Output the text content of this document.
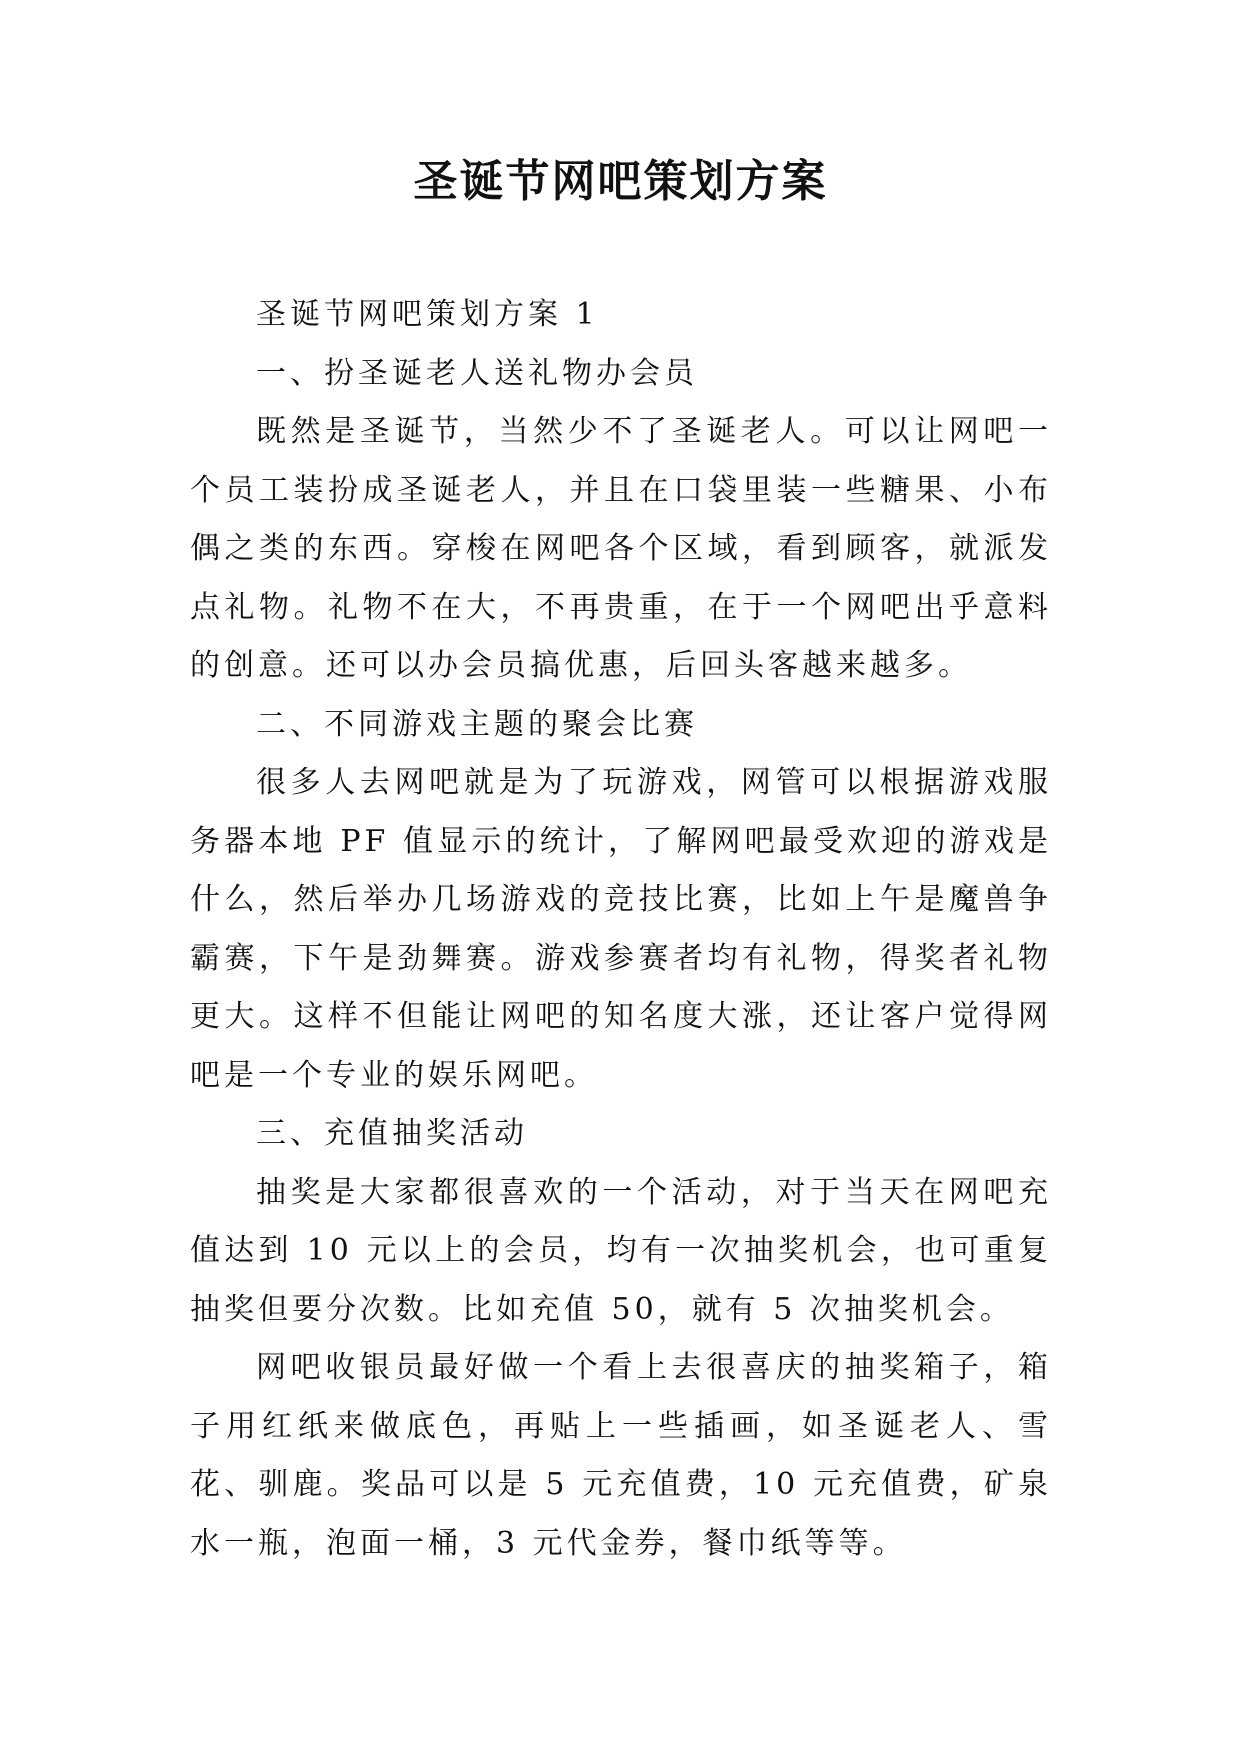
圣诞节网吧策划方案

圣诞节网吧策划方案 1

一、扮圣诞老人送礼物办会员

既然是圣诞节，当然少不了圣诞老人。可以让网吧一个员工装扮成圣诞老人，并且在口袋里装一些糖果、小布偶之类的东西。穿梭在网吧各个区域，看到顾客，就派发点礼物。礼物不在大，不再贵重，在于一个网吧出乎意料的创意。还可以办会员搞优惠，后回头客越来越多。

二、不同游戏主题的聚会比赛

很多人去网吧就是为了玩游戏，网管可以根据游戏服务器本地 PF 值显示的统计，了解网吧最受欢迎的游戏是什么，然后举办几场游戏的竞技比赛，比如上午是魔兽争霸赛，下午是劲舞赛。游戏参赛者均有礼物，得奖者礼物更大。这样不但能让网吧的知名度大涨，还让客户觉得网吧是一个专业的娱乐网吧。

三、充值抽奖活动

抽奖是大家都很喜欢的一个活动，对于当天在网吧充值达到 10 元以上的会员，均有一次抽奖机会，也可重复抽奖但要分次数。比如充值 50，就有 5 次抽奖机会。

网吧收银员最好做一个看上去很喜庆的抽奖箱子，箱子用红纸来做底色，再贴上一些插画，如圣诞老人、雪花、驯鹿。奖品可以是 5 元充值费，10 元充值费，矿泉水一瓶，泡面一桶，3 元代金券，餐巾纸等等。
